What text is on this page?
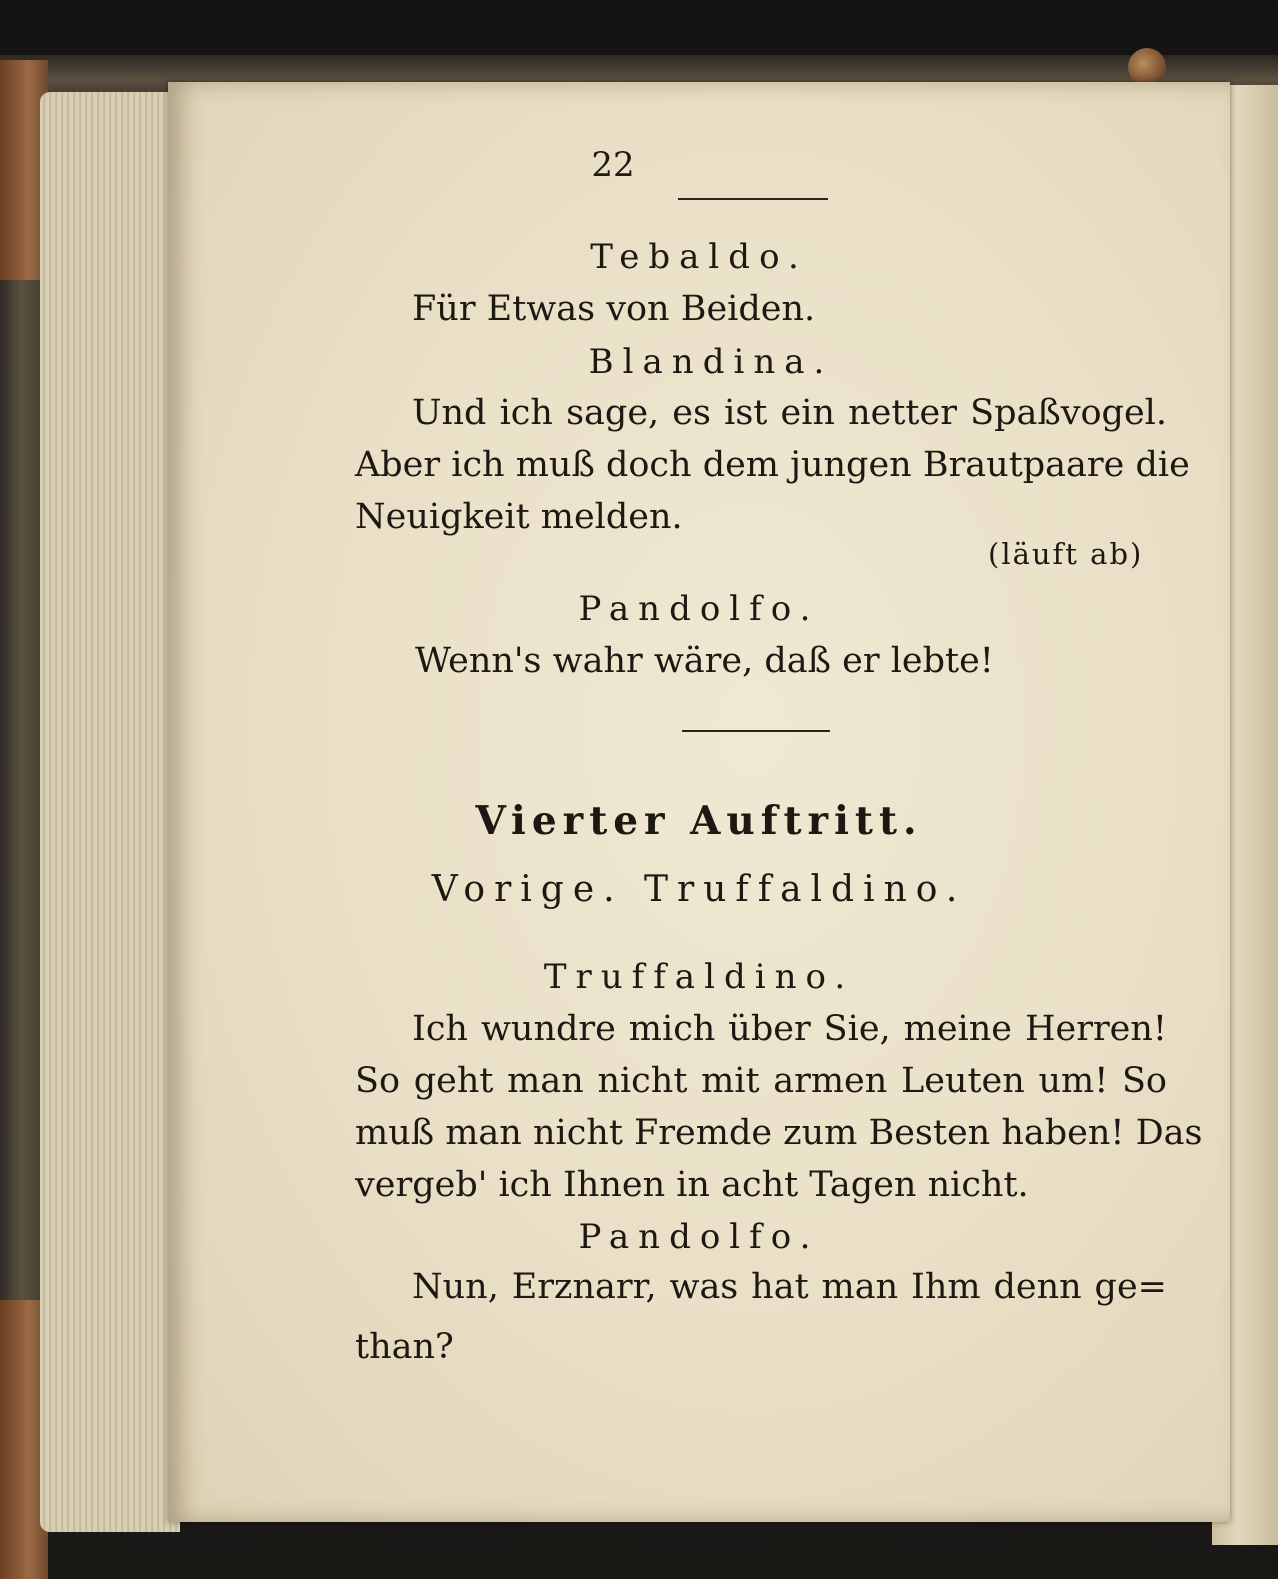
22

Tebaldo.

Für Etwas von Beiden.

Blandina.

Und ich sage, es ist ein netter Spaßvogel.

Aber ich muß doch dem jungen Brautpaare die

Neuigkeit melden.

(läuft ab)

Pandolfo.

Wenn's wahr wäre, daß er lebte!

Vierter Auftritt.

Vorige. Truffaldino.

Truffaldino.

Ich wundre mich über Sie, meine Herren!

So geht man nicht mit armen Leuten um! So

muß man nicht Fremde zum Besten haben! Das

vergeb' ich Ihnen in acht Tagen nicht.

Pandolfo.

Nun, Erznarr, was hat man Ihm denn ge=

than?
